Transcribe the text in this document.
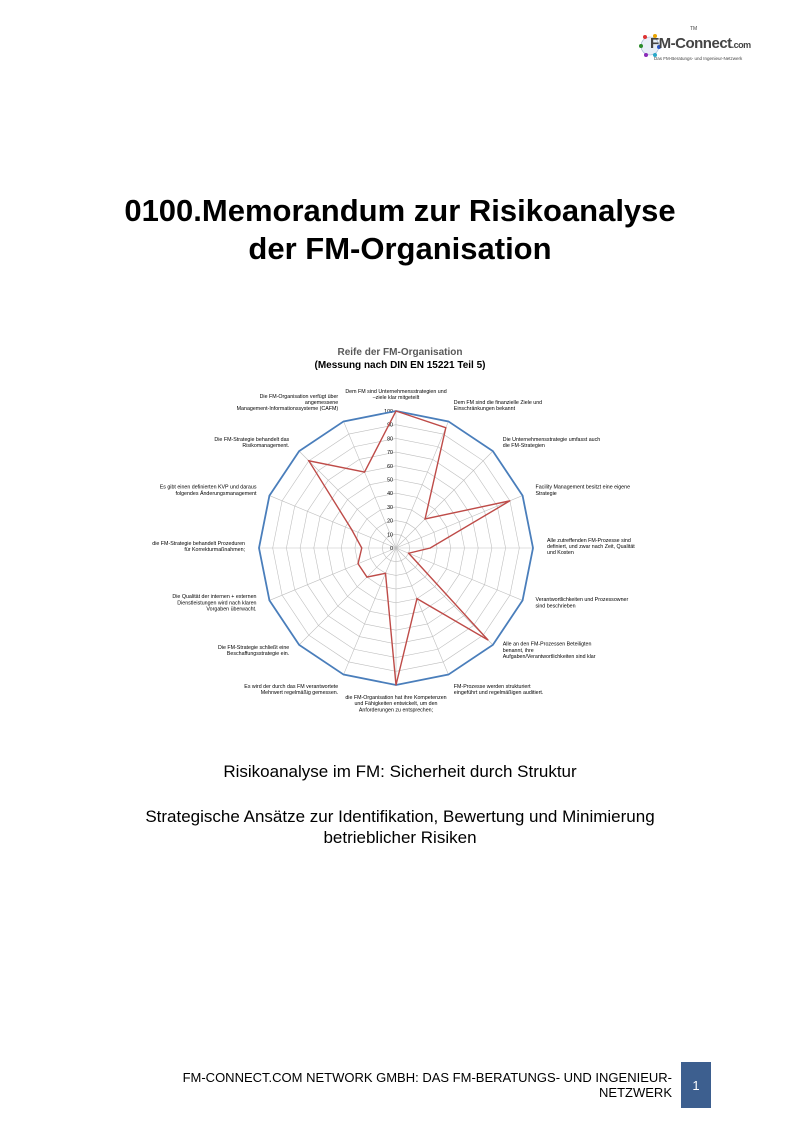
TM
FM-Connect.com
Das FM-Beratungs- und Ingenieur-Netzwerk
0100.Memorandum zur Risikoanalyse
der FM-Organisation
Reife der FM-Organisation
(Messung nach DIN EN 15221 Teil 5)
0
10
20
30
40
50
60
70
80
90
100
Dem FM sind Unternehmensstrategien und –ziele klar mitgeteilt
Dem FM sind die finanzielle Ziele und Einschränkungen bekannt
Die Unternehmensstrategie umfasst auch die FM-Strategien
Facility Management besitzt eine eigene Strategie
Alle zutreffenden FM-Prozesse sind definiert, und zwar nach Zeit, Qualität und Kosten
Verantwortlichkeiten und Prozessowner sind beschrieben
Alle an den FM-Prozessen Beteiligten benannt, ihre Aufgaben/Verantwortlichkeiten sind klar
FM-Prozesse werden strukturiert eingeführt und regelmäßigen auditiert.
die FM-Organisation hat ihre Kompetenzen und Fähigkeiten entwickelt, um den Anforderungen zu entsprechen;
Es wird der durch das FM verantwortete Mehrwert regelmäßig gemessen.
Die FM-Strategie schließt eine Beschaffungsstrategie ein.
Die Qualität der internen + externen Dienstleistungen wird nach klaren Vorgaben überwacht.
die FM-Strategie behandelt Prozeduren für Korrekturmaßnahmen;
Es gibt einen definierten KVP und daraus folgendes Änderungsmanagement
Die FM-Strategie behandelt das Risikomanagement.
Die FM-Organisation verfügt über angemessene Management-Informationssysteme (CAFM)
Risikoanalyse im FM: Sicherheit durch Struktur
Strategische Ansätze zur Identifikation, Bewertung und Minimierung
betrieblicher Risiken
FM-CONNECT.COM NETWORK GMBH: DAS FM-BERATUNGS- UND INGENIEUR-
NETZWERK	1
